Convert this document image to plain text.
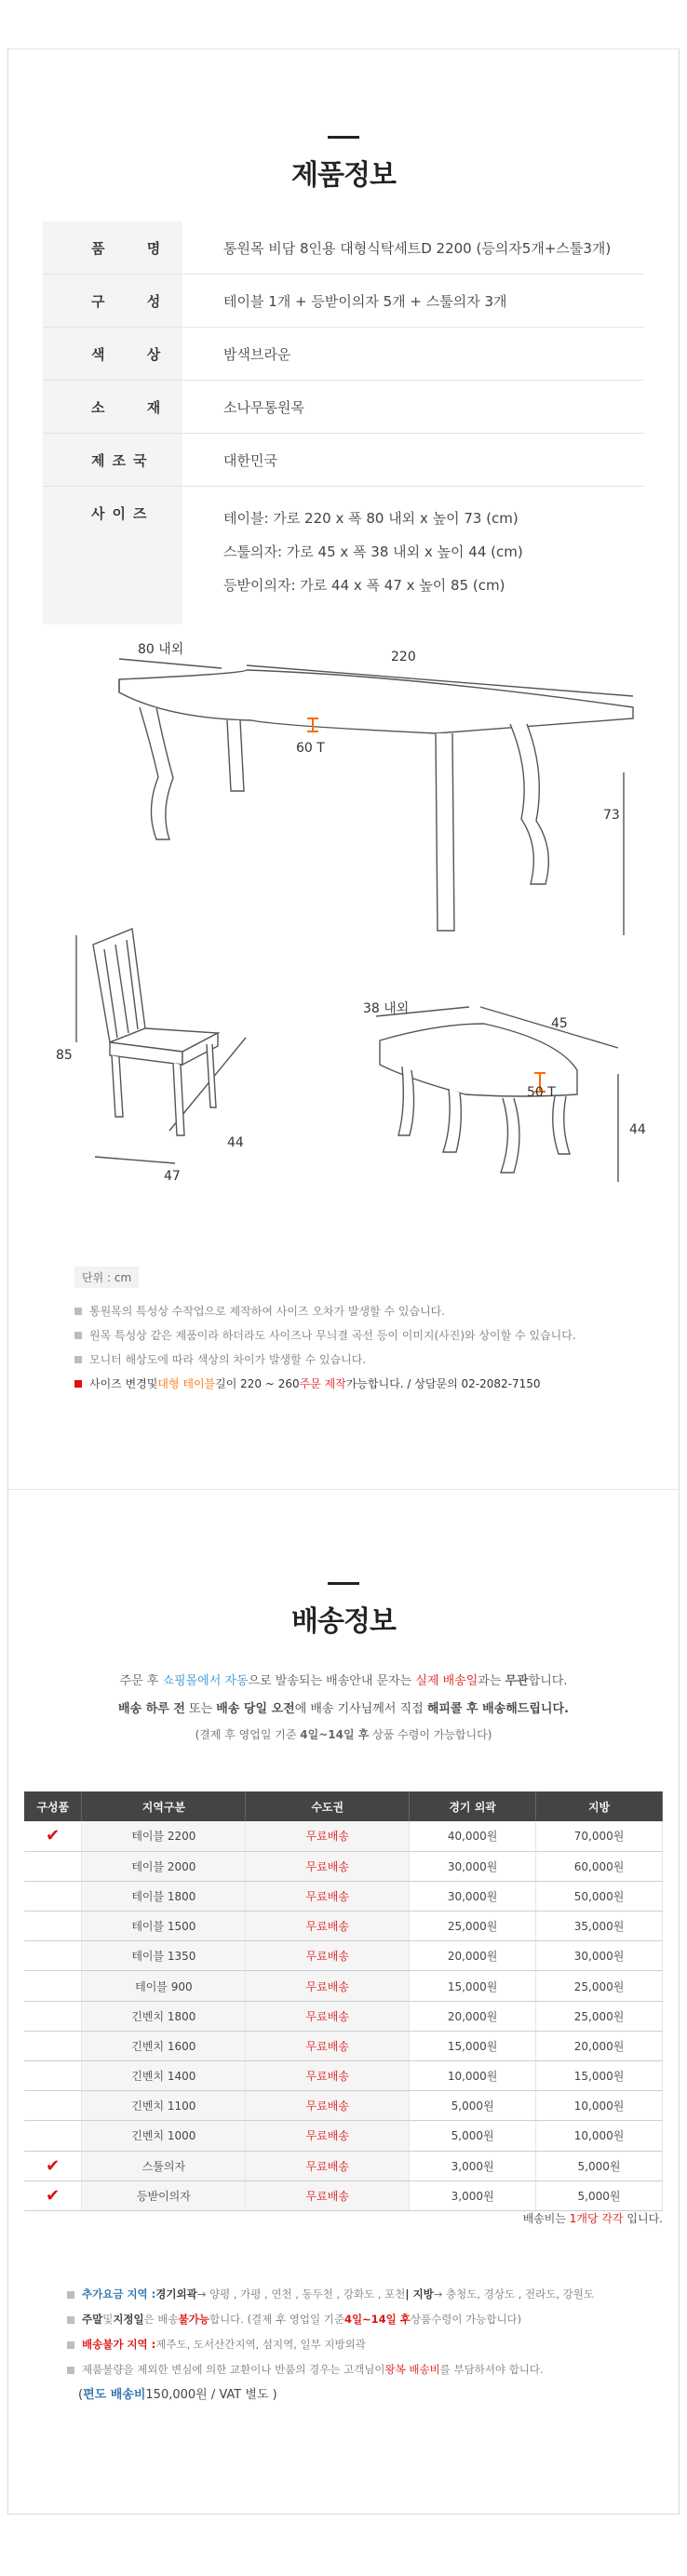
제품정보
품 명	통원목 비담 8인용 대형식탁세트D 2200 (등의자5개+스툴3개)
구 성	테이블 1개 + 등받이의자 5개 + 스툴의자 3개
색 상	밤색브라운
소 재	소나무통원목
제조국	대한민국
사이즈	테이블: 가로 220 x 폭 80 내외 x 높이 73 (cm)
스툴의자: 가로 45 x 폭 38 내외 x 높이 44 (cm)
등받이의자: 가로 44 x 폭 47 x 높이 85 (cm)
80 내외	220
60 T
73
85
44
47
38 내외
45
50 T
44
단위 : cm
통원목의 특성상 수작업으로 제작하여 사이즈 오차가 발생할 수 있습니다.
원목 특성상 같은 제품이라 하더라도 사이즈나 무늬결 곡선 등이 이미지(사진)와 상이할 수 있습니다.
모니터 해상도에 따라 색상의 차이가 발생할 수 있습니다.
사이즈 변경 및 대형 테이블 길이 220 ~ 260 주문 제작 가능합니다. / 상담문의 02-2082-7150
배송정보
주문 후 쇼핑몰에서 자동으로 발송되는 배송안내 문자는 실제 배송일과는 무관합니다.
배송 하루 전 또는 배송 당일 오전에 배송 기사님께서 직접 해피콜 후 배송해드립니다.
(결제 후 영업일 기준 4일~14일 후 상품 수령이 가능합니다)
구성품	지역구분	수도권	경기 외곽	지방
✔	테이블 2200	무료배송	40,000원	70,000원
	테이블 2000	무료배송	30,000원	60,000원
	테이블 1800	무료배송	30,000원	50,000원
	테이블 1500	무료배송	25,000원	35,000원
	테이블 1350	무료배송	20,000원	30,000원
	테이블 900	무료배송	15,000원	25,000원
	긴벤치 1800	무료배송	20,000원	25,000원
	긴벤치 1600	무료배송	15,000원	20,000원
	긴벤치 1400	무료배송	10,000원	15,000원
	긴벤치 1100	무료배송	5,000원	10,000원
	긴벤치 1000	무료배송	5,000원	10,000원
✔	스툴의자	무료배송	3,000원	5,000원
✔	등받이의자	무료배송	3,000원	5,000원
배송비는 1개당 각각 입니다.
추가요금 지역 : 경기외곽 → 양평 , 가평 , 연천 , 동두천 , 강화도 , 포천 | 지방 → 충청도, 경상도 , 전라도, 강원도
주말 및 지정일 은 배송 불가능 합니다. (결제 후 영업일 기준 4일~14일 후 상품수령이 가능합니다)
배송불가 지역 : 제주도, 도서산간지역, 섬지역, 일부 지방외곽
제품불량을 제외한 변심에 의한 교환이나 반품의 경우는 고객님이 왕복 배송비 를 부담하셔야 합니다.
( 편도 배송비 150,000원 / VAT 별도 )
